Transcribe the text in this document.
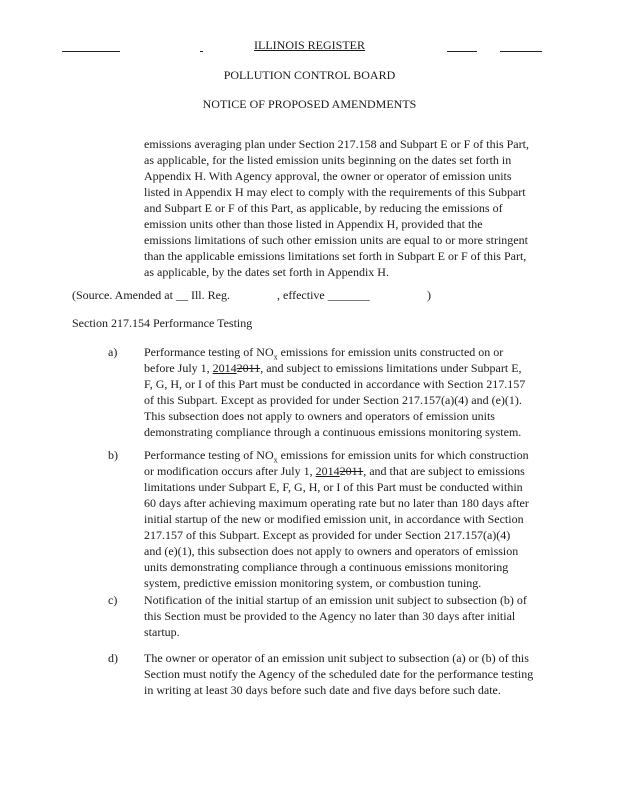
ILLINOIS REGISTER
POLLUTION CONTROL BOARD
NOTICE OF PROPOSED AMENDMENTS
emissions averaging plan under Section 217.158 and Subpart E or F of this Part,
as applicable, for the listed emission units beginning on the dates set forth in
Appendix H. With Agency approval, the owner or operator of emission units
listed in Appendix H may elect to comply with the requirements of this Subpart
and Subpart E or F of this Part, as applicable, by reducing the emissions of
emission units other than those listed in Appendix H, provided that the
emissions limitations of such other emission units are equal to or more stringent
than the applicable emissions limitations set forth in Subpart E or F of this Part,
as applicable, by the dates set forth in Appendix H.
(Source. Amended at __ Ill. Reg.	, effective _______	)
Section 217.154 Performance Testing
a) Performance testing of $NO_x$ emissions for emission units constructed on or
before July 1, 20142011, and subject to emissions limitations under Subpart E,
F, G, H, or I of this Part must be conducted in accordance with Section 217.157
of this Subpart. Except as provided for under Section 217.157(a)(4) and (e)(1).
This subsection does not apply to owners and operators of emission units
demonstrating compliance through a continuous emissions monitoring system.
b) Performance testing of $NO_x$ emissions for emission units for which construction
or modification occurs after July 1, 20142011, and that are subject to emissions
limitations under Subpart E, F, G, H, or I of this Part must be conducted within
60 days after achieving maximum operating rate but no later than 180 days after
initial startup of the new or modified emission unit, in accordance with Section
217.157 of this Subpart. Except as provided for under Section 217.157(a)(4)
and (e)(1), this subsection does not apply to owners and operators of emission
units demonstrating compliance through a continuous emissions monitoring
system, predictive emission monitoring system, or combustion tuning.
c) Notification of the initial startup of an emission unit subject to subsection (b) of
this Section must be provided to the Agency no later than 30 days after initial
startup.
d) The owner or operator of an emission unit subject to subsection (a) or (b) of this
Section must notify the Agency of the scheduled date for the performance testing
in writing at least 30 days before such date and five days before such date.
